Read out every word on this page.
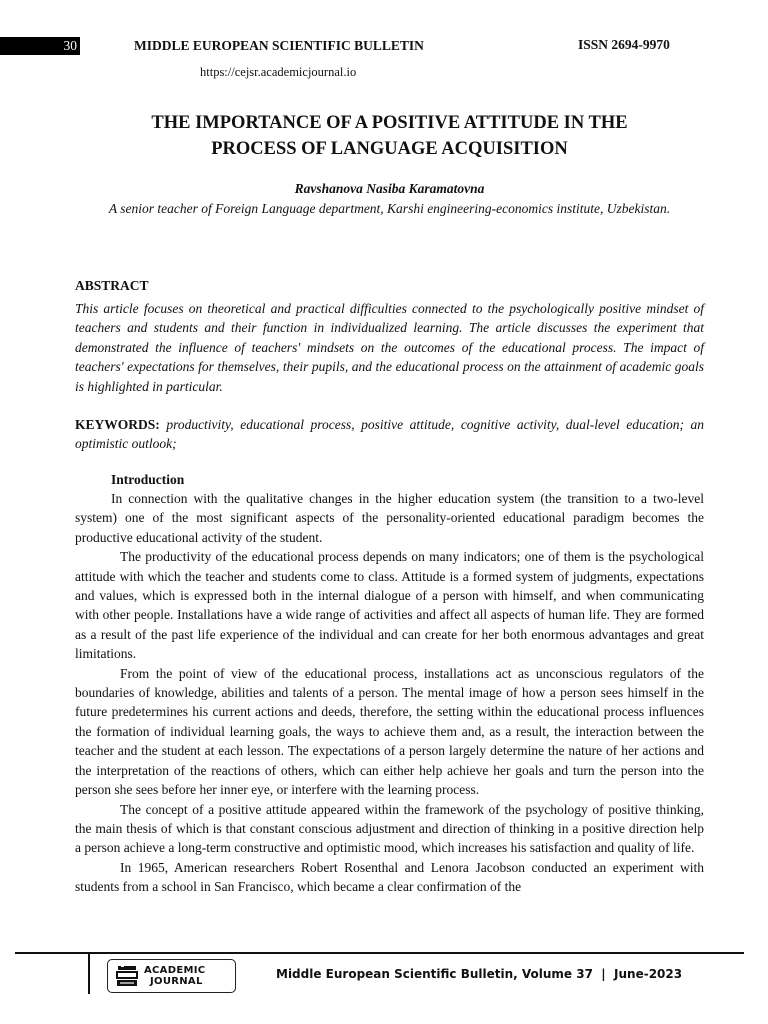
30	MIDDLE EUROPEAN SCIENTIFIC BULLETIN	ISSN 2694-9970
https://cejsr.academicjournal.io
THE IMPORTANCE OF A POSITIVE ATTITUDE IN THE
PROCESS OF LANGUAGE ACQUISITION
Ravshanova Nasiba Karamatovna
A senior teacher of Foreign Language department, Karshi engineering-economics institute, Uzbekistan.
ABSTRACT
This article focuses on theoretical and practical difficulties connected to the psychologically positive mindset of teachers and students and their function in individualized learning. The article discusses the experiment that demonstrated the influence of teachers' mindsets on the outcomes of the educational process. The impact of teachers' expectations for themselves, their pupils, and the educational process on the attainment of academic goals is highlighted in particular.
KEYWORDS: productivity, educational process, positive attitude, cognitive activity, dual-level education; an optimistic outlook;
Introduction

In connection with the qualitative changes in the higher education system (the transition to a two-level system) one of the most significant aspects of the personality-oriented educational paradigm becomes the productive educational activity of the student.

The productivity of the educational process depends on many indicators; one of them is the psychological attitude with which the teacher and students come to class. Attitude is a formed system of judgments, expectations and values, which is expressed both in the internal dialogue of a person with himself, and when communicating with other people. Installations have a wide range of activities and affect all aspects of human life. They are formed as a result of the past life experience of the individual and can create for her both enormous advantages and great limitations.

From the point of view of the educational process, installations act as unconscious regulators of the boundaries of knowledge, abilities and talents of a person. The mental image of how a person sees himself in the future predetermines his current actions and deeds, therefore, the setting within the educational process influences the formation of individual learning goals, the ways to achieve them and, as a result, the interaction between the teacher and the student at each lesson. The expectations of a person largely determine the nature of her actions and the interpretation of the reactions of others, which can either help achieve her goals and turn the person into the person she sees before her inner eye, or interfere with the learning process.

The concept of a positive attitude appeared within the framework of the psychology of positive thinking, the main thesis of which is that constant conscious adjustment and direction of thinking in a positive direction help a person achieve a long-term constructive and optimistic mood, which increases his satisfaction and quality of life.

In 1965, American researchers Robert Rosenthal and Lenora Jacobson conducted an experiment with students from a school in San Francisco, which became a clear confirmation of the

ACADEMIC
JOURNAL
Middle European Scientific Bulletin, Volume 37  |  June-2023
